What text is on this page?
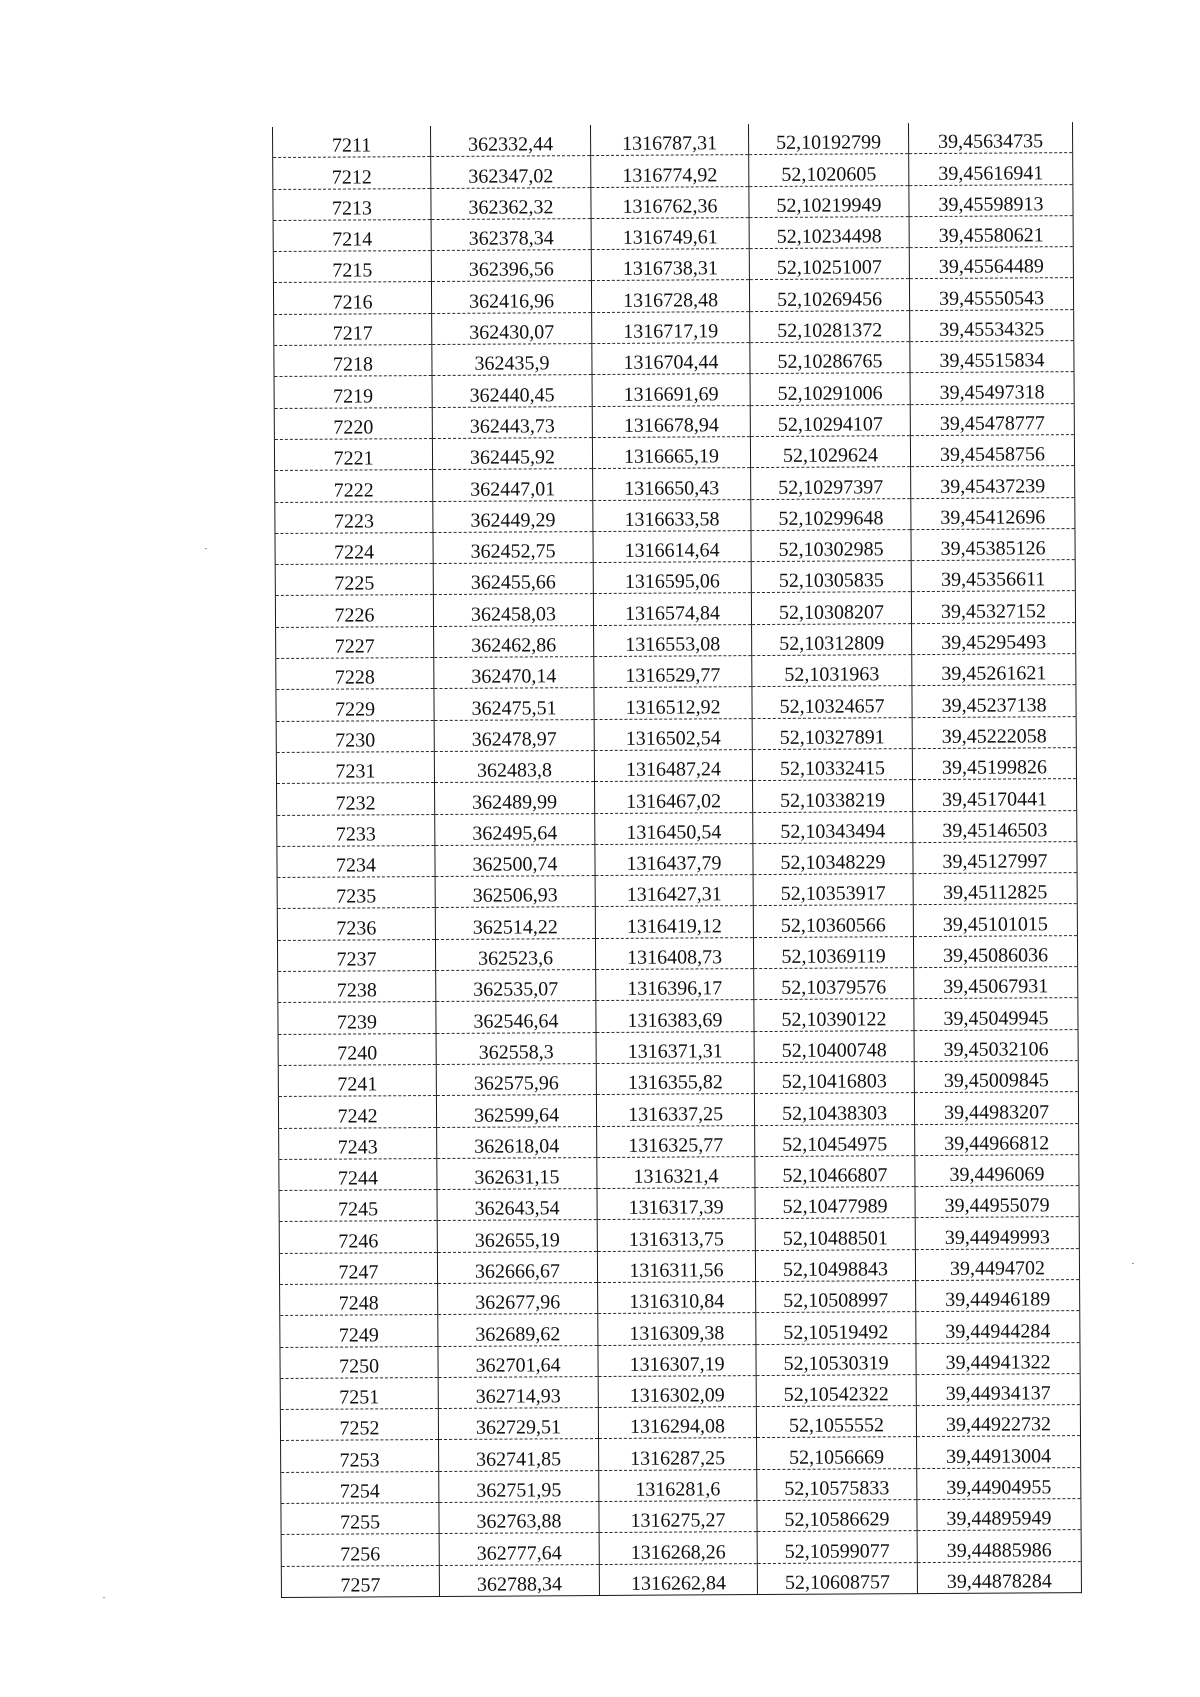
7211	362332,44	1316787,31	52,10192799	39,45634735
7212	362347,02	1316774,92	52,1020605	39,45616941
7213	362362,32	1316762,36	52,10219949	39,45598913
7214	362378,34	1316749,61	52,10234498	39,45580621
7215	362396,56	1316738,31	52,10251007	39,45564489
7216	362416,96	1316728,48	52,10269456	39,45550543
7217	362430,07	1316717,19	52,10281372	39,45534325
7218	362435,9	1316704,44	52,10286765	39,45515834
7219	362440,45	1316691,69	52,10291006	39,45497318
7220	362443,73	1316678,94	52,10294107	39,45478777
7221	362445,92	1316665,19	52,1029624	39,45458756
7222	362447,01	1316650,43	52,10297397	39,45437239
7223	362449,29	1316633,58	52,10299648	39,45412696
7224	362452,75	1316614,64	52,10302985	39,45385126
7225	362455,66	1316595,06	52,10305835	39,45356611
7226	362458,03	1316574,84	52,10308207	39,45327152
7227	362462,86	1316553,08	52,10312809	39,45295493
7228	362470,14	1316529,77	52,1031963	39,45261621
7229	362475,51	1316512,92	52,10324657	39,45237138
7230	362478,97	1316502,54	52,10327891	39,45222058
7231	362483,8	1316487,24	52,10332415	39,45199826
7232	362489,99	1316467,02	52,10338219	39,45170441
7233	362495,64	1316450,54	52,10343494	39,45146503
7234	362500,74	1316437,79	52,10348229	39,45127997
7235	362506,93	1316427,31	52,10353917	39,45112825
7236	362514,22	1316419,12	52,10360566	39,45101015
7237	362523,6	1316408,73	52,10369119	39,45086036
7238	362535,07	1316396,17	52,10379576	39,45067931
7239	362546,64	1316383,69	52,10390122	39,45049945
7240	362558,3	1316371,31	52,10400748	39,45032106
7241	362575,96	1316355,82	52,10416803	39,45009845
7242	362599,64	1316337,25	52,10438303	39,44983207
7243	362618,04	1316325,77	52,10454975	39,44966812
7244	362631,15	1316321,4	52,10466807	39,4496069
7245	362643,54	1316317,39	52,10477989	39,44955079
7246	362655,19	1316313,75	52,10488501	39,44949993
7247	362666,67	1316311,56	52,10498843	39,4494702
7248	362677,96	1316310,84	52,10508997	39,44946189
7249	362689,62	1316309,38	52,10519492	39,44944284
7250	362701,64	1316307,19	52,10530319	39,44941322
7251	362714,93	1316302,09	52,10542322	39,44934137
7252	362729,51	1316294,08	52,1055552	39,44922732
7253	362741,85	1316287,25	52,1056669	39,44913004
7254	362751,95	1316281,6	52,10575833	39,44904955
7255	362763,88	1316275,27	52,10586629	39,44895949
7256	362777,64	1316268,26	52,10599077	39,44885986
7257	362788,34	1316262,84	52,10608757	39,44878284
